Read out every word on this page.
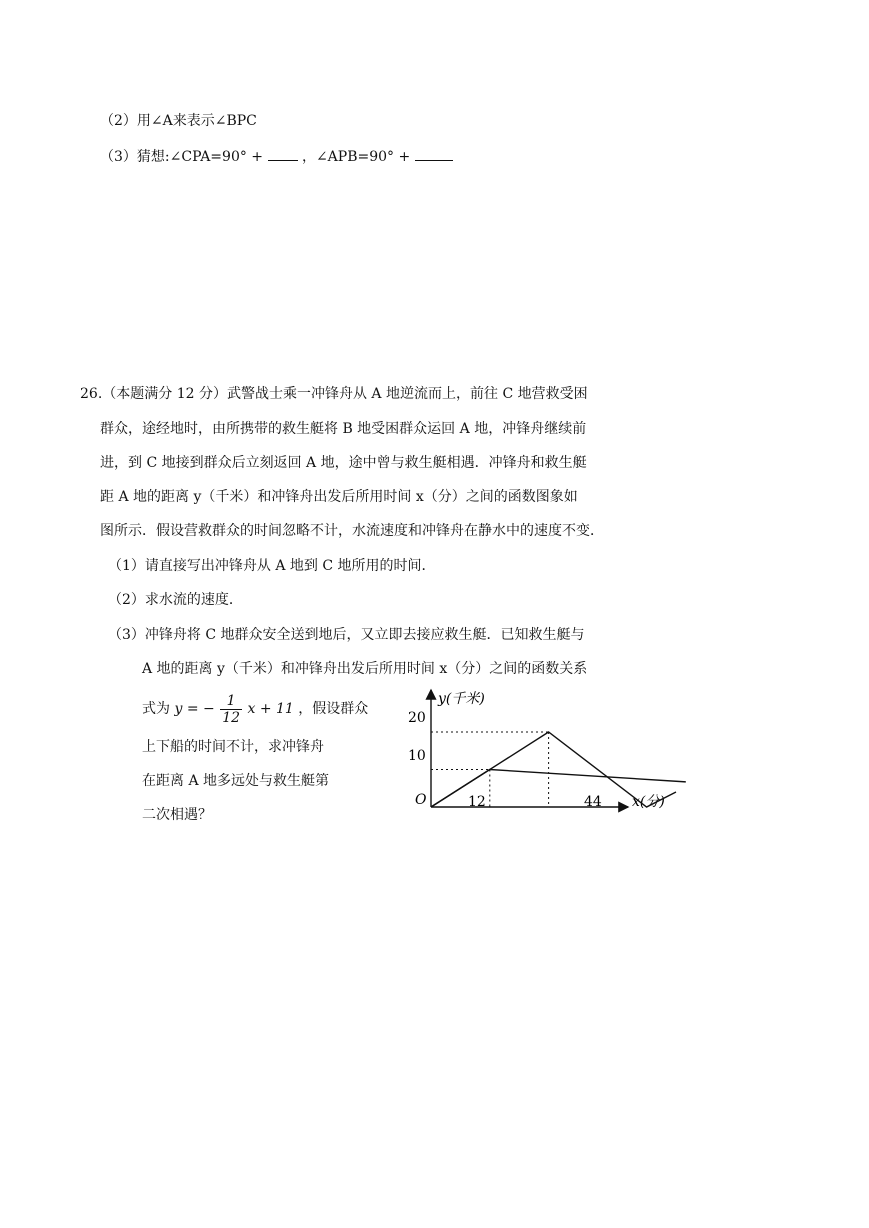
（2）用∠A来表示∠BPC
（3）猜想:∠CPA=90° +	，∠APB=90° +
26.（本题满分 12 分）武警战士乘一冲锋舟从 A 地逆流而上，前往 C 地营救受困
群众，途经地时，由所携带的救生艇将 B 地受困群众运回 A 地，冲锋舟继续前
进，到 C 地接到群众后立刻返回 A 地，途中曾与救生艇相遇．冲锋舟和救生艇
距 A 地的距离 y（千米）和冲锋舟出发后所用时间 x（分）之间的函数图象如
图所示．假设营救群众的时间忽略不计，水流速度和冲锋舟在静水中的速度不变．
（1）请直接写出冲锋舟从 A 地到 C 地所用的时间．
（2）求水流的速度．
（3）冲锋舟将 C 地群众安全送到地后，又立即去接应救生艇．已知救生艇与
A 地的距离 y（千米）和冲锋舟出发后所用时间 x（分）之间的函数关系
式为 y = − $\frac{1}{12}$ x + 11 ，假设群众
上下船的时间不计，求冲锋舟
在距离 A 地多远处与救生艇第
二次相遇？
y(千米)
x(分)
O
20
10
12	44
